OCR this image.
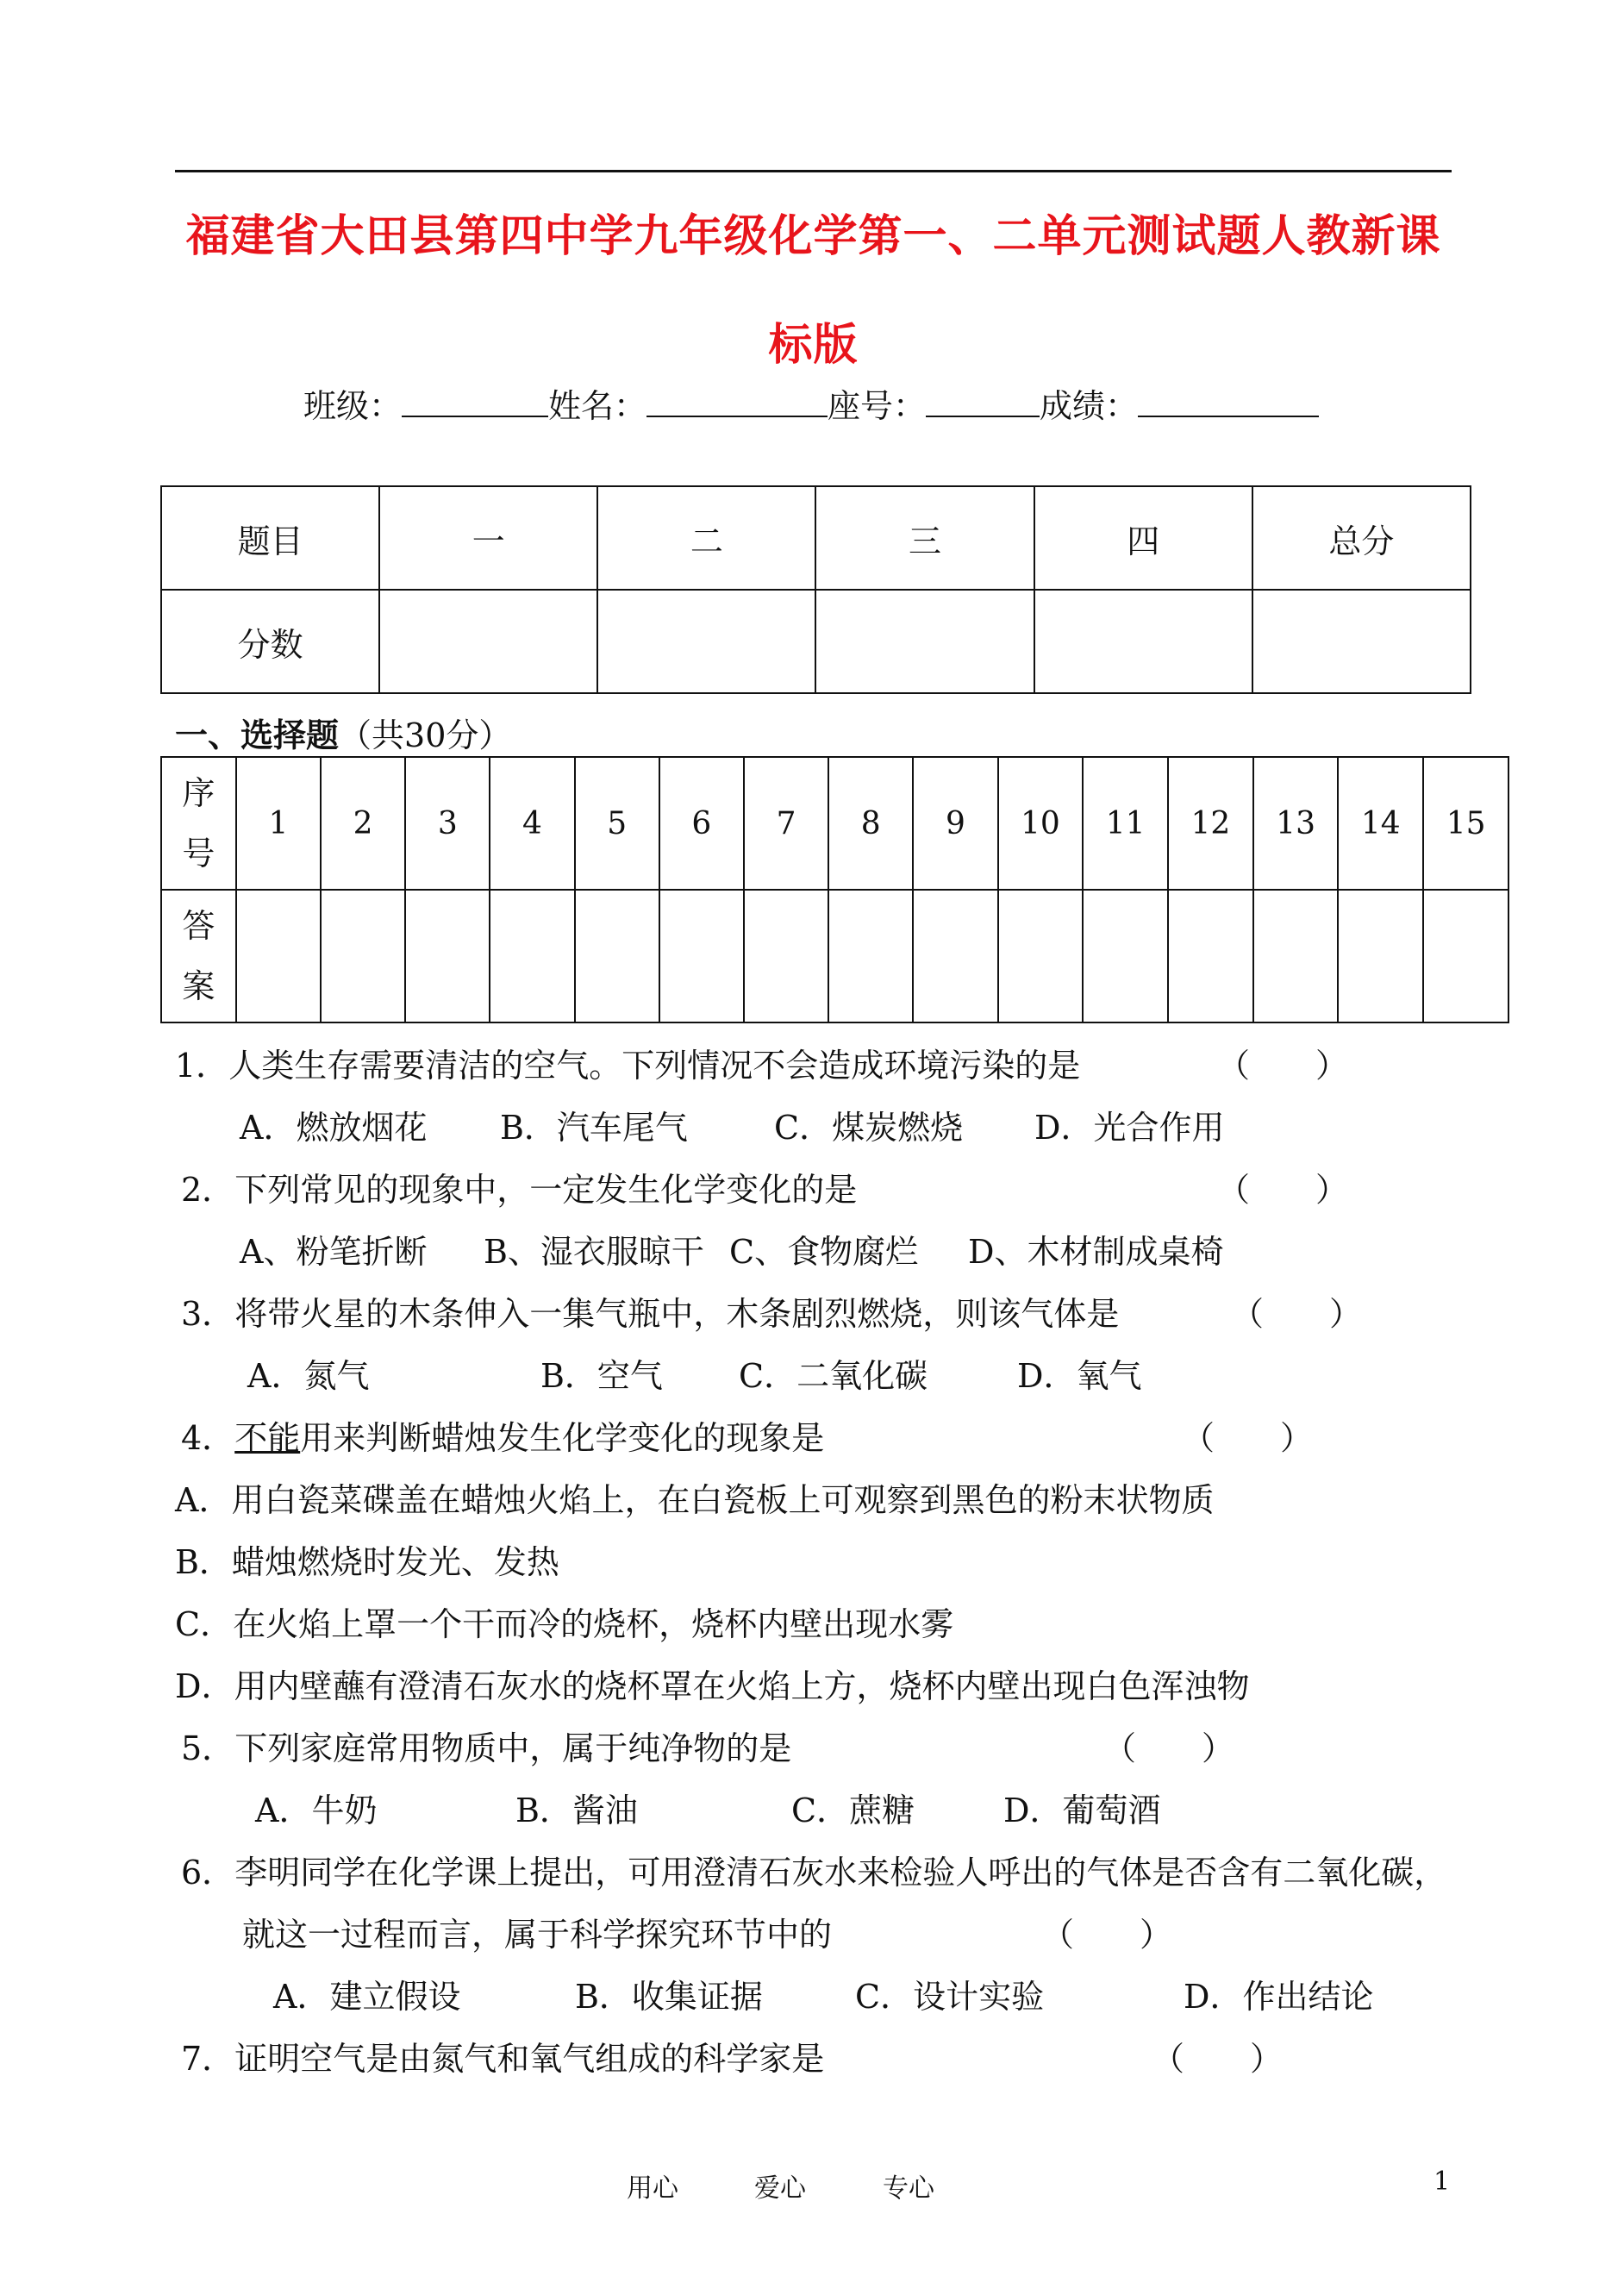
福建省大田县第四中学九年级化学第一、二单元测试题人教新课标版
班级：	姓名：	座号：	成绩：
题目	一	二	三	四	总分
分数					
一、选择题（共30分）
序
号	1	2	3	4	5	6	7	8	9	10	11	12	13	14	15
答
案															
1．人类生存需要清洁的空气。下列情况不会造成环境污染的是	（　　）
A．燃放烟花 B．汽车尾气	C．煤炭燃烧 D．光合作用
2．下列常见的现象中，一定发生化学变化的是	（　　）
A、粉笔折断 B、湿衣服晾干 C、食物腐烂 D、木材制成桌椅
3．将带火星的木条伸入一集气瓶中，木条剧烈燃烧，则该气体是	（　　）
A．氮气	B．空气 C．二氧化碳	D．氧气
4．不能用来判断蜡烛发生化学变化的现象是	（　　）
A．用白瓷菜碟盖在蜡烛火焰上，在白瓷板上可观察到黑色的粉末状物质
B．蜡烛燃烧时发光、发热
C．在火焰上罩一个干而冷的烧杯，烧杯内壁出现水雾
D．用内壁蘸有澄清石灰水的烧杯罩在火焰上方，烧杯内壁出现白色浑浊物
5．下列家庭常用物质中，属于纯净物的是	（　　）
A．牛奶	B．酱油	C．蔗糖	D．葡萄酒
6．李明同学在化学课上提出，可用澄清石灰水来检验人呼出的气体是否含有二氧化碳，
就这一过程而言，属于科学探究环节中的	（　　）
A．建立假设	B．收集证据	C．设计实验	D．作出结论
7．证明空气是由氮气和氧气组成的科学家是	（　　）
用心	爱心	专心	1
